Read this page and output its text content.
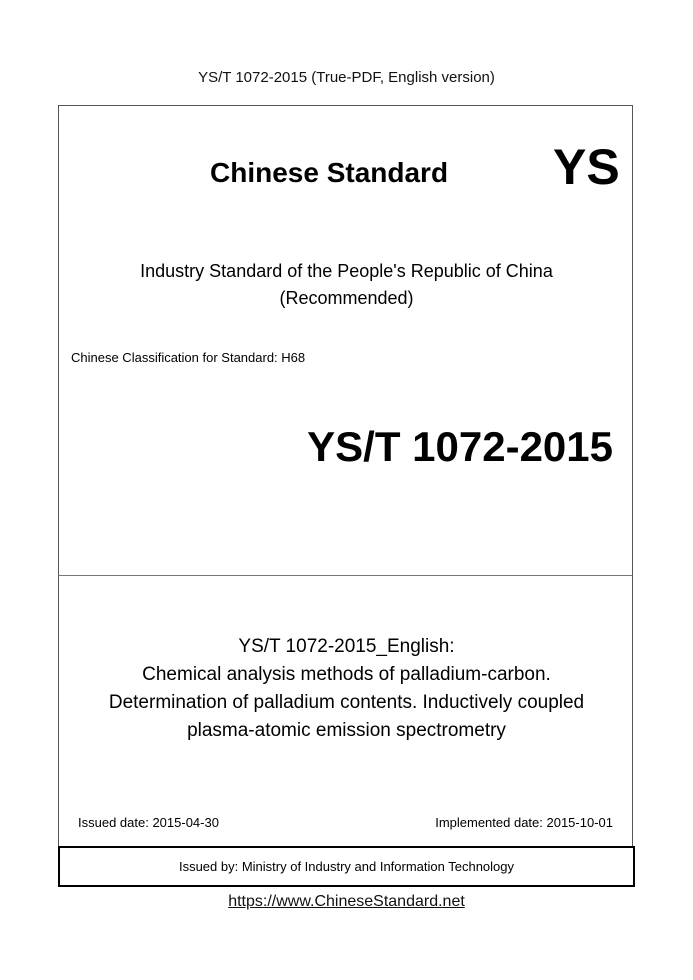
YS/T 1072-2015 (True-PDF, English version)
Chinese Standard YS
Industry Standard of the People's Republic of China
(Recommended)
Chinese Classification for Standard: H68
YS/T 1072-2015
YS/T 1072-2015_English:
Chemical analysis methods of palladium-carbon.
Determination of palladium contents. Inductively coupled
plasma-atomic emission spectrometry
Issued date: 2015-04-30	Implemented date: 2015-10-01
Issued by: Ministry of Industry and Information Technology
https://www.ChineseStandard.net
